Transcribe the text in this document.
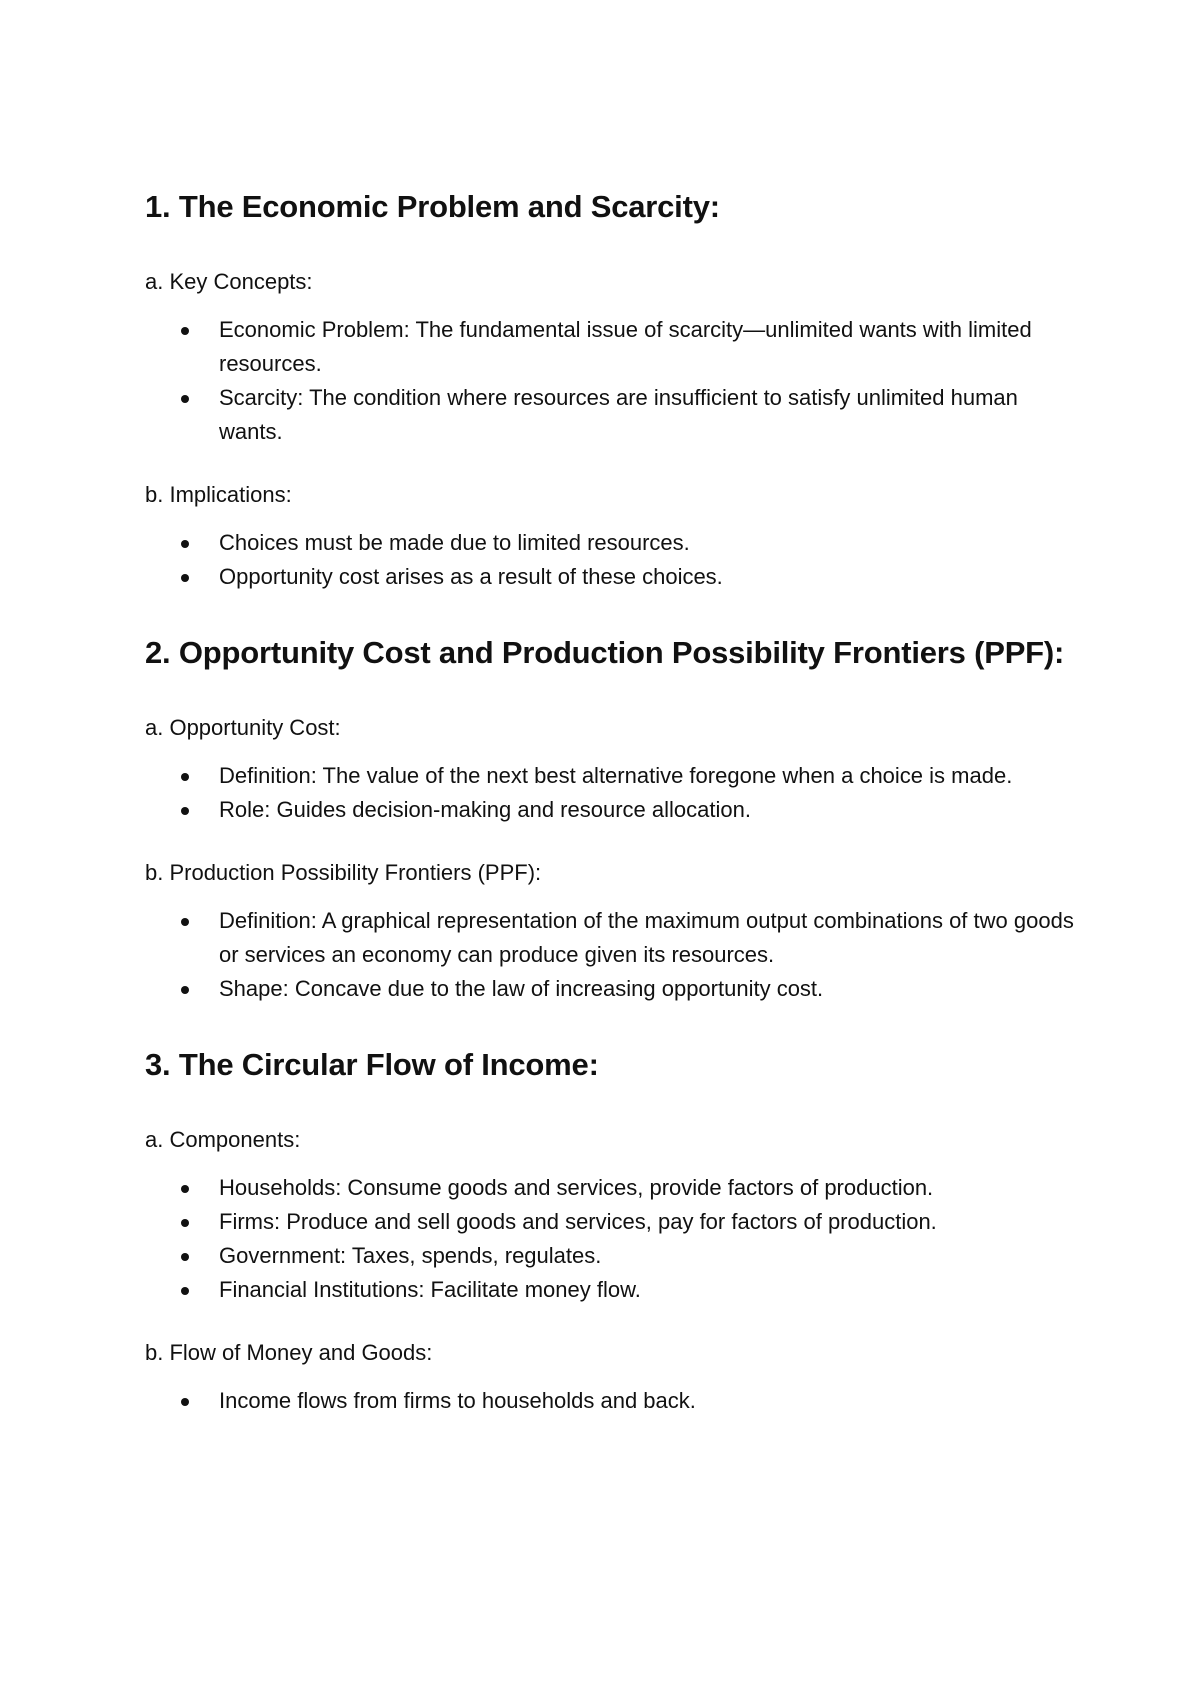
1. The Economic Problem and Scarcity:

a. Key Concepts:

Economic Problem: The fundamental issue of scarcity—unlimited wants with limited resources.
Scarcity: The condition where resources are insufficient to satisfy unlimited human wants.

b. Implications:

Choices must be made due to limited resources.
Opportunity cost arises as a result of these choices.
2. Opportunity Cost and Production Possibility Frontiers (PPF):

a. Opportunity Cost:

Definition: The value of the next best alternative foregone when a choice is made.
Role: Guides decision-making and resource allocation.

b. Production Possibility Frontiers (PPF):

Definition: A graphical representation of the maximum output combinations of two goods or services an economy can produce given its resources.
Shape: Concave due to the law of increasing opportunity cost.
3. The Circular Flow of Income:

a. Components:

Households: Consume goods and services, provide factors of production.
Firms: Produce and sell goods and services, pay for factors of production.
Government: Taxes, spends, regulates.
Financial Institutions: Facilitate money flow.

b. Flow of Money and Goods:

Income flows from firms to households and back.
